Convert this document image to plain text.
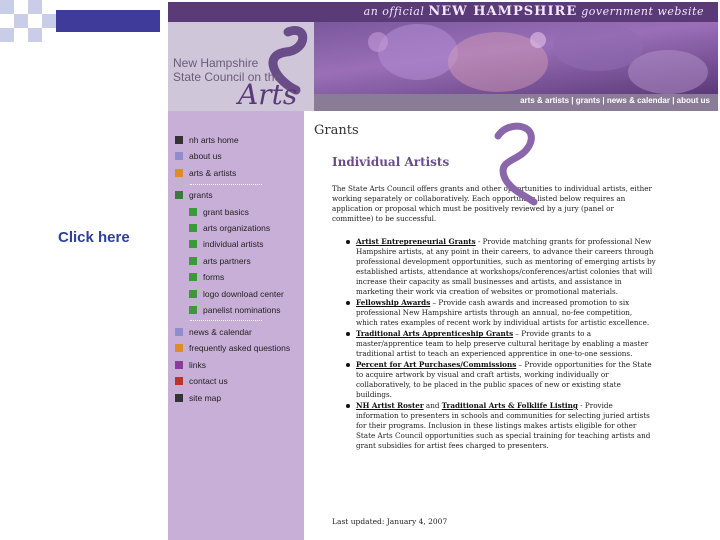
Click here
an official NEW HAMPSHIRE government website
New Hampshire
State Council on the
Arts	arts & artists | grants | news & calendar | about us
nh arts home
about us
arts & artists
grants
grant basics
arts organizations
individual artists
arts partners
forms
logo download center
panelist nominations
news & calendar
frequently asked questions
links
contact us
site map
Grants
Individual Artists
The State Arts Council offers grants and other opportunities to individual artists, either working separately or collaboratively. Each opportunity listed below requires an application or proposal which must be positively reviewed by a jury (panel or committee) to be successful.
Artist Entrepreneurial Grants - Provide matching grants for professional New Hampshire artists, at any point in their careers, to advance their careers through professional development opportunities, such as mentoring of emerging artists by established artists, attendance at workshops/conferences/artist colonies that will increase their capacity as small businesses and artists, and assistance in marketing their work via creation of websites or promotional materials.
Fellowship Awards – Provide cash awards and increased promotion to six professional New Hampshire artists through an annual, no-fee competition, which rates examples of recent work by individual artists for artistic excellence.
Traditional Arts Apprenticeship Grants – Provide grants to a master/apprentice team to help preserve cultural heritage by enabling a master traditional artist to teach an experienced apprentice in one-to-one sessions.
Percent for Art Purchases/Commissions – Provide opportunities for the State to acquire artwork by visual and craft artists, working individually or collaboratively, to be placed in the public spaces of new or existing state buildings.
NH Artist Roster and Traditional Arts & Folklife Listing - Provide information to presenters in schools and communities for selecting juried artists for their programs. Inclusion in these listings makes artists eligible for other State Arts Council opportunities such as special training for teaching artists and grant subsidies for artist fees charged to presenters.
Last updated: January 4, 2007
